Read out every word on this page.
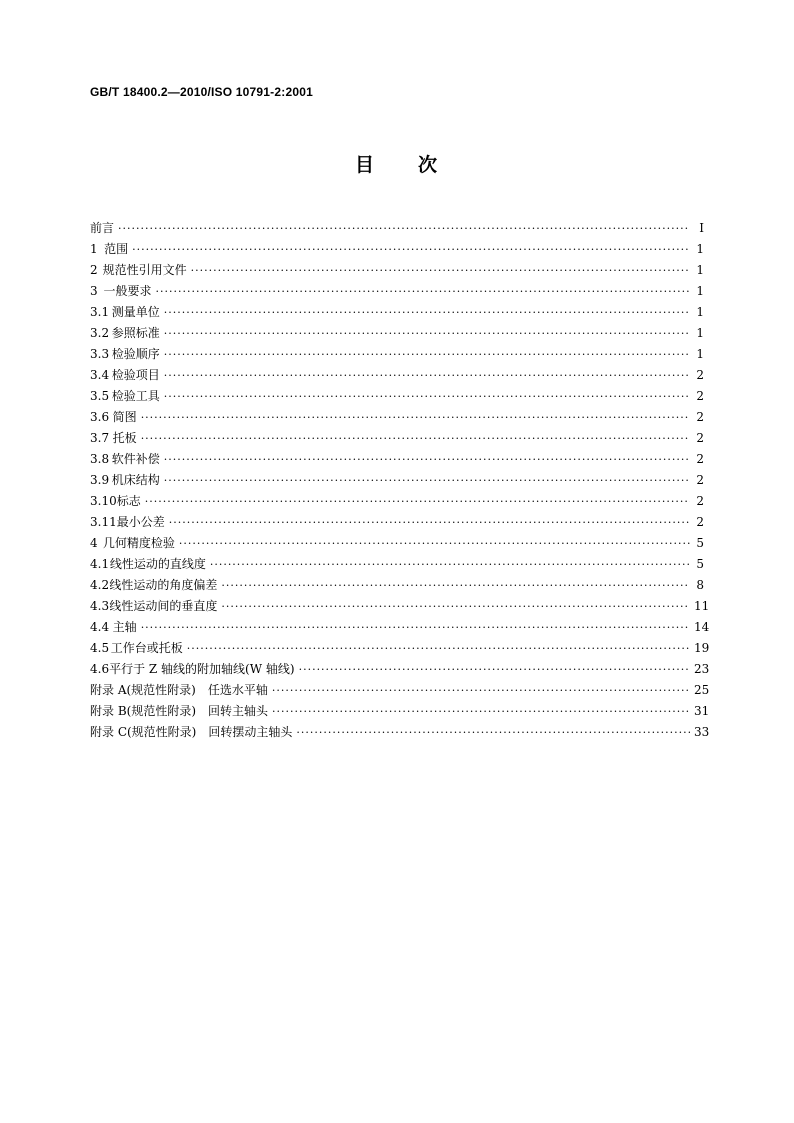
GB/T 18400.2—2010/ISO 10791-2:2001
目 次
前言 ·····	Ⅰ
1 范围 ·····	1
2 规范性引用文件 ·····	1
3 一般要求 ·····	1
3.1 测量单位 ·····	1
3.2 参照标准 ·····	1
3.3 检验顺序 ·····	1
3.4 检验项目 ·····	2
3.5 检验工具 ·····	2
3.6 简图 ·····	2
3.7 托板 ·····	2
3.8 软件补偿 ·····	2
3.9 机床结构 ·····	2
3.10 标志 ·····	2
3.11 最小公差 ·····	2
4 几何精度检验 ·····	5
4.1 线性运动的直线度 ·····	5
4.2 线性运动的角度偏差 ·····	8
4.3 线性运动间的垂直度 ·····	11
4.4 主轴 ·····	14
4.5 工作台或托板 ·····	19
4.6 平行于 Z 轴线的附加轴线(W 轴线) ·····	23
附录 A(规范性附录)　任选水平轴 ·····	25
附录 B(规范性附录)　回转主轴头 ·····	31
附录 C(规范性附录)　回转摆动主轴头 ·····	33
